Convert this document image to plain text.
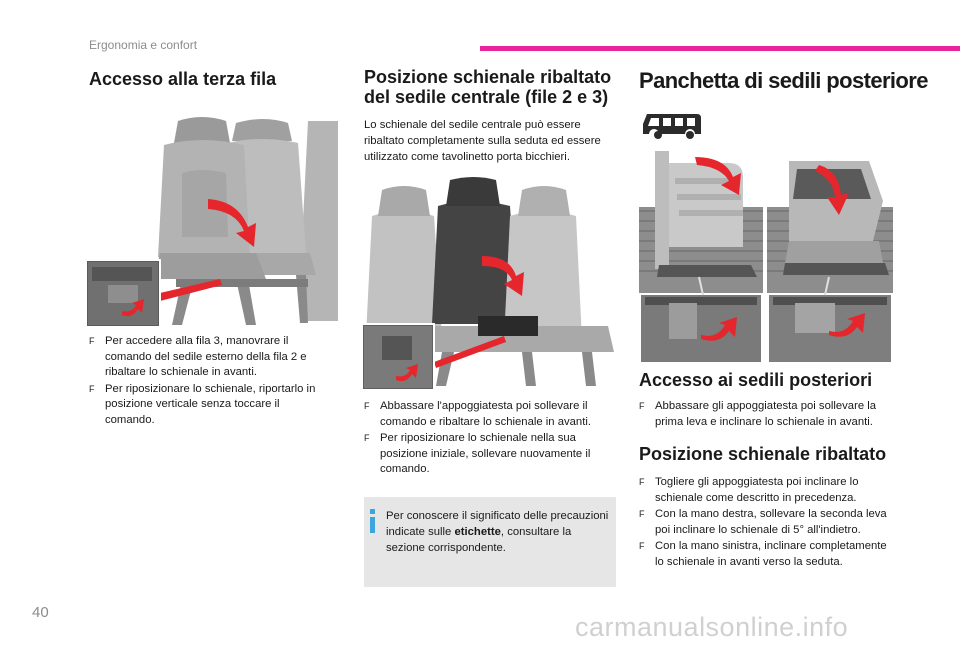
Ergonomia e confort
Accesso alla terza fila
F Per accedere alla fila 3, manovrare il comando del sedile esterno della fila 2 e ribaltare lo schienale in avanti.
F Per riposizionare lo schienale, riportarlo in posizione verticale senza toccare il comando.
Posizione schienale ribaltato
del sedile centrale (file 2 e 3)
Lo schienale del sedile centrale può essere ribaltato completamente sulla seduta ed essere utilizzato come tavolinetto porta bicchieri.
F Abbassare l'appoggiatesta poi sollevare il comando e ribaltare lo schienale in avanti.
F Per riposizionare lo schienale nella sua posizione iniziale, sollevare nuovamente il comando.
Per conoscere il significato delle precauzioni indicate sulle etichette, consultare la sezione corrispondente.
Panchetta di sedili posteriore
Accesso ai sedili posteriori
F Abbassare gli appoggiatesta poi sollevare la prima leva e inclinare lo schienale in avanti.
Posizione schienale ribaltato
F Togliere gli appoggiatesta poi inclinare lo schienale come descritto in precedenza.
F Con la mano destra, sollevare la seconda leva poi inclinare lo schienale di 5° all'indietro.
F Con la mano sinistra, inclinare completamente lo schienale in avanti verso la seduta.
40	carmanualsonline.info
